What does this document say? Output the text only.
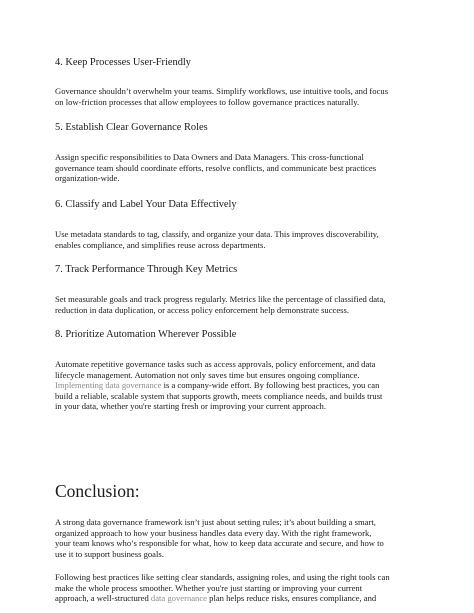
4. Keep Processes User-Friendly
Governance shouldn’t overwhelm your teams. Simplify workflows, use intuitive tools, and focus
on low-friction processes that allow employees to follow governance practices naturally.
5. Establish Clear Governance Roles
Assign specific responsibilities to Data Owners and Data Managers. This cross-functional
governance team should coordinate efforts, resolve conflicts, and communicate best practices
organization-wide.
6. Classify and Label Your Data Effectively
Use metadata standards to tag, classify, and organize your data. This improves discoverability,
enables compliance, and simplifies reuse across departments.
7. Track Performance Through Key Metrics
Set measurable goals and track progress regularly. Metrics like the percentage of classified data,
reduction in data duplication, or access policy enforcement help demonstrate success.
8. Prioritize Automation Wherever Possible
Automate repetitive governance tasks such as access approvals, policy enforcement, and data
lifecycle management. Automation not only saves time but ensures ongoing compliance.
Implementing data governance is a company-wide effort. By following best practices, you can
build a reliable, scalable system that supports growth, meets compliance needs, and builds trust
in your data, whether you're starting fresh or improving your current approach.
Conclusion:
A strong data governance framework isn’t just about setting rules; it’s about building a smart,
organized approach to how your business handles data every day. With the right framework,
your team knows who’s responsible for what, how to keep data accurate and secure, and how to
use it to support business goals.
Following best practices like setting clear standards, assigning roles, and using the right tools can
make the whole process smoother. Whether you're just starting or improving your current
approach, a well-structured data governance plan helps reduce risks, ensures compliance, and
